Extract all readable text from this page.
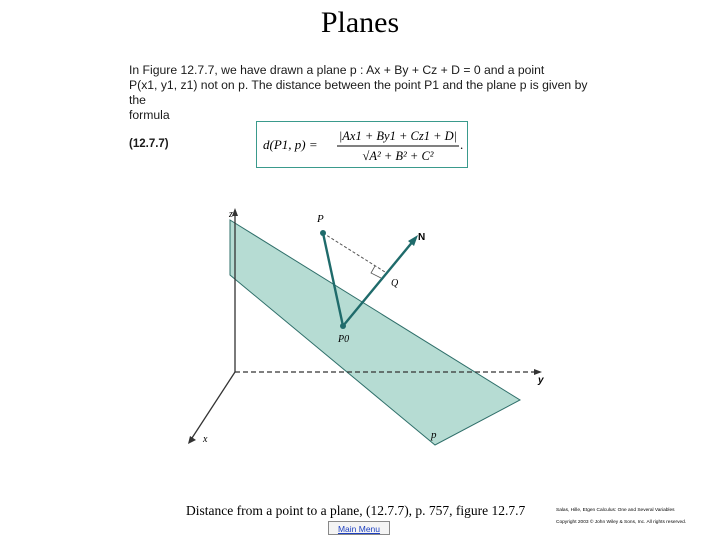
Planes
In Figure 12.7.7, we have drawn a plane p : Ax + By + Cz + D = 0 and a point
P(x1, y1, z1) not on p. The distance between the point P1 and the plane p is given by the
formula
(12.7.7)	d(P1, p) =
|Ax1 + By1 + Cz1 + D|
√A² + B² + C²
.
z
y
x
P
N
Q
P0
p
Distance from a point to a plane, (12.7.7), p. 757, figure 12.7.7
Main Menu
Salas, Hille, Etgen Calculus: One and Several Variables
Copyright 2003 © John Wiley & Sons, Inc. All rights reserved.
